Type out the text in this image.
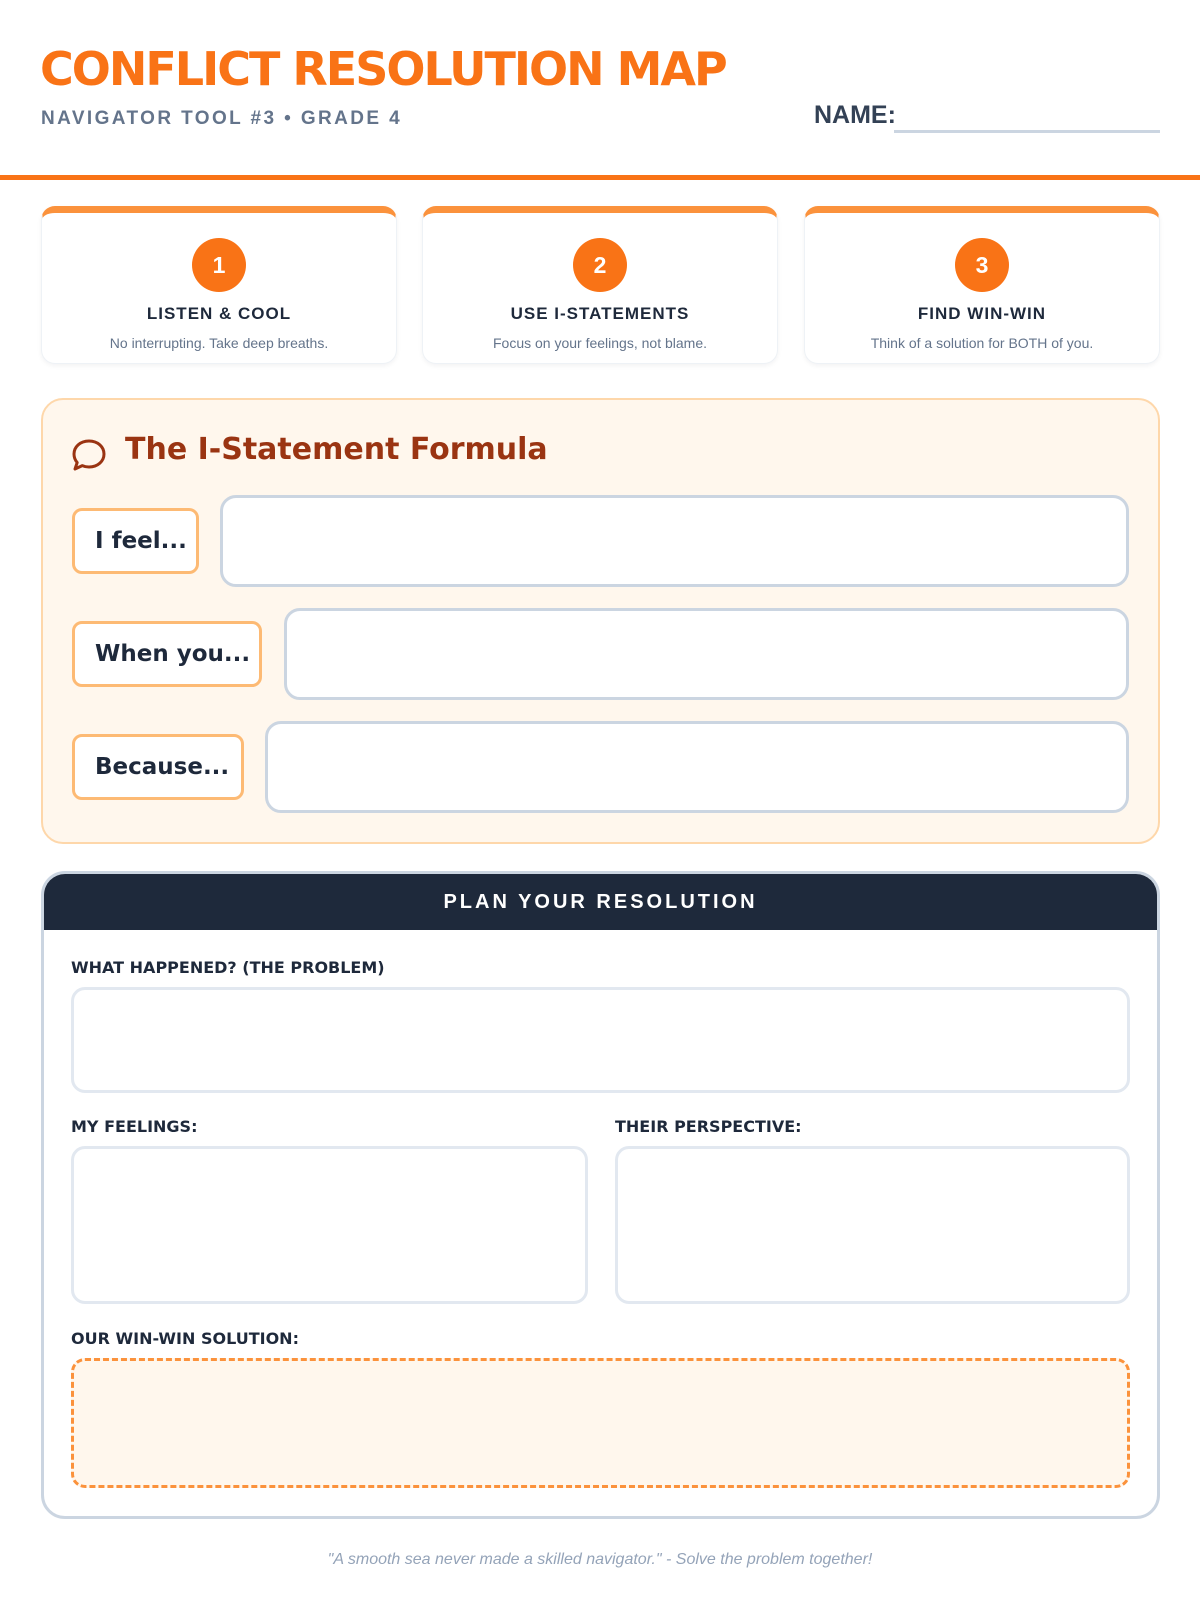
CONFLICT RESOLUTION MAP
NAVIGATOR TOOL #3 • GRADE 4	NAME:
1
LISTEN & COOL
No interrupting. Take deep breaths.
2
USE I-STATEMENTS
Focus on your feelings, not blame.
3
FIND WIN-WIN
Think of a solution for BOTH of you.
The I-Statement Formula
I feel...
When you...
Because...
PLAN YOUR RESOLUTION
WHAT HAPPENED? (THE PROBLEM)
MY FEELINGS:	THEIR PERSPECTIVE:
OUR WIN-WIN SOLUTION:
"A smooth sea never made a skilled navigator." - Solve the problem together!
